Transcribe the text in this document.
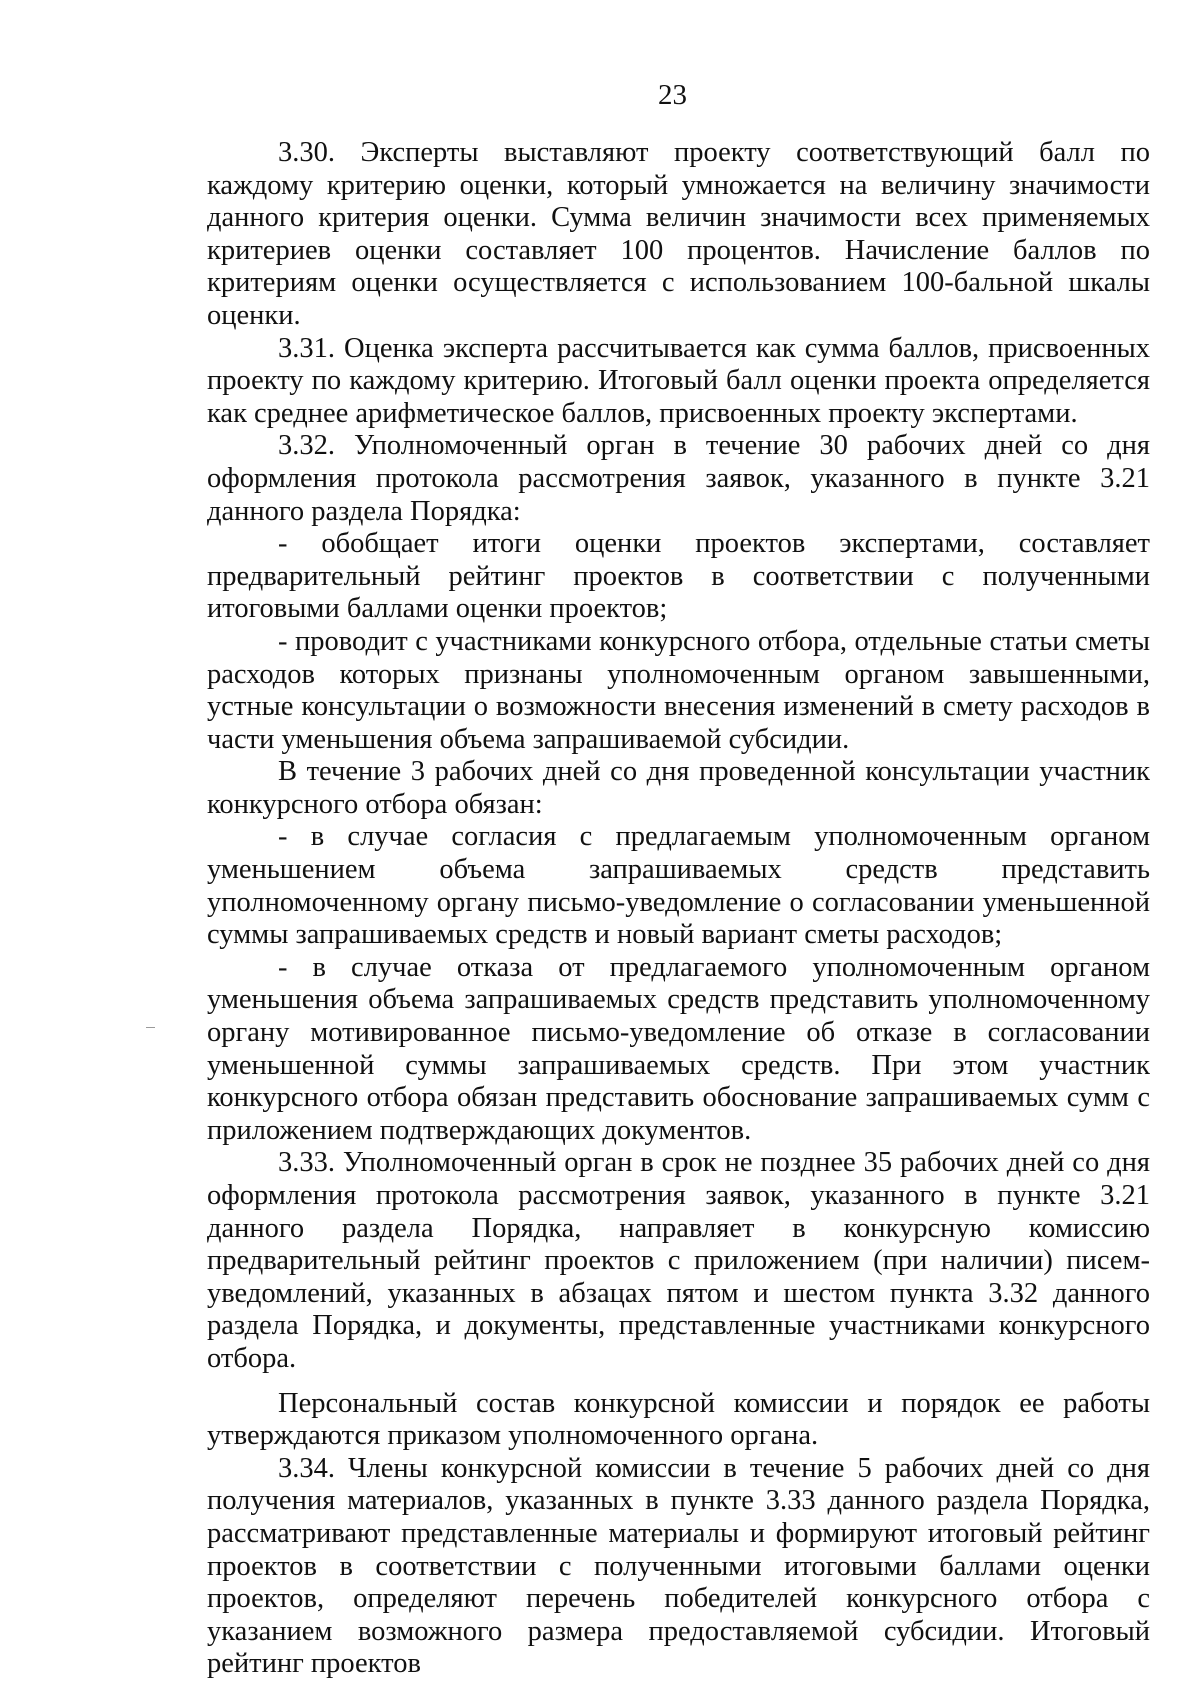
23

3.30. Эксперты выставляют проекту соответствующий балл по каждому критерию оценки, который умножается на величину значимости данного критерия оценки. Сумма величин значимости всех применяемых критериев оценки составляет 100 процентов. Начисление баллов по критериям оценки осуществляется с использованием 100-бальной шкалы оценки.

3.31. Оценка эксперта рассчитывается как сумма баллов, присвоенных проекту по каждому критерию. Итоговый балл оценки проекта определяется как среднее арифметическое баллов, присвоенных проекту экспертами.

3.32. Уполномоченный орган в течение 30 рабочих дней со дня оформления протокола рассмотрения заявок, указанного в пункте 3.21 данного раздела Порядка:

- обобщает итоги оценки проектов экспертами, составляет предварительный рейтинг проектов в соответствии с полученными итоговыми баллами оценки проектов;

- проводит с участниками конкурсного отбора, отдельные статьи сметы расходов которых признаны уполномоченным органом завышенными, устные консультации о возможности внесения изменений в смету расходов в части уменьшения объема запрашиваемой субсидии.

В течение 3 рабочих дней со дня проведенной консультации участник конкурсного отбора обязан:

- в случае согласия с предлагаемым уполномоченным органом уменьшением объема запрашиваемых средств представить уполномоченному органу письмо-уведомление о согласовании уменьшенной суммы запрашиваемых средств и новый вариант сметы расходов;

- в случае отказа от предлагаемого уполномоченным органом уменьшения объема запрашиваемых средств представить уполномоченному органу мотивированное письмо-уведомление об отказе в согласовании уменьшенной суммы запрашиваемых средств. При этом участник конкурсного отбора обязан представить обоснование запрашиваемых сумм с приложением подтверждающих документов.

3.33. Уполномоченный орган в срок не позднее 35 рабочих дней со дня оформления протокола рассмотрения заявок, указанного в пункте 3.21 данного раздела Порядка, направляет в конкурсную комиссию предварительный рейтинг проектов с приложением (при наличии) писем-уведомлений, указанных в абзацах пятом и шестом пункта 3.32 данного раздела Порядка, и документы, представленные участниками конкурсного отбора.

Персональный состав конкурсной комиссии и порядок ее работы утверждаются приказом уполномоченного органа.

3.34. Члены конкурсной комиссии в течение 5 рабочих дней со дня получения материалов, указанных в пункте 3.33 данного раздела Порядка, рассматривают представленные материалы и формируют итоговый рейтинг проектов в соответствии с полученными итоговыми баллами оценки проектов, определяют перечень победителей конкурсного отбора с указанием возможного размера предоставляемой субсидии. Итоговый рейтинг проектов
